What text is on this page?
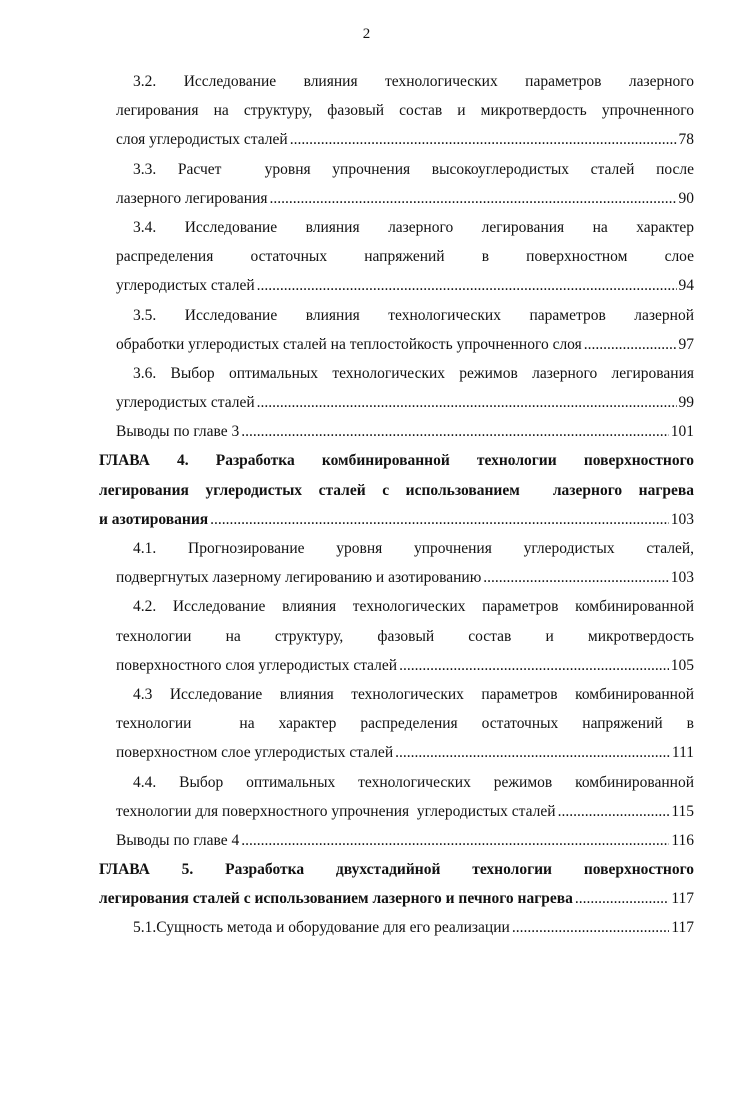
2
3.2. Исследование влияния технологических параметров лазерного
легирования на структуру, фазовый состав и микротвердость упрочненного
слоя углеродистых сталей .....	78
3.3. Расчет  уровня упрочнения высокоуглеродистых сталей после
лазерного легирования .....	90
3.4. Исследование влияния лазерного легирования на характер
распределения остаточных напряжений в поверхностном слое
углеродистых сталей .....	94
3.5. Исследование влияния технологических параметров лазерной
обработки углеродистых сталей на теплостойкость упрочненного слоя .....	97
3.6. Выбор оптимальных технологических режимов лазерного легирования
углеродистых сталей .....	99
Выводы по главе 3 .....	101
ГЛАВА 4. Разработка комбинированной технологии поверхностного
легирования углеродистых сталей с использованием  лазерного нагрева
и азотирования .....	103
4.1. Прогнозирование уровня упрочнения углеродистых сталей,
подвергнутых лазерному легированию и азотированию .....	103
4.2. Исследование влияния технологических параметров комбинированной
технологии на структуру, фазовый состав и микротвердость
поверхностного слоя углеродистых сталей .....	105
4.3 Исследование влияния технологических параметров комбинированной
технологии  на характер распределения остаточных напряжений в
поверхностном слое углеродистых сталей .....	111
4.4. Выбор оптимальных технологических режимов комбинированной
технологии для поверхностного упрочнения  углеродистых сталей .....	115
Выводы по главе 4 .....	116
ГЛАВА 5. Разработка двухстадийной технологии поверхностного
легирования сталей с использованием лазерного и печного нагрева .....	117
5.1.Сущность метода и оборудование для его реализации .....	117
